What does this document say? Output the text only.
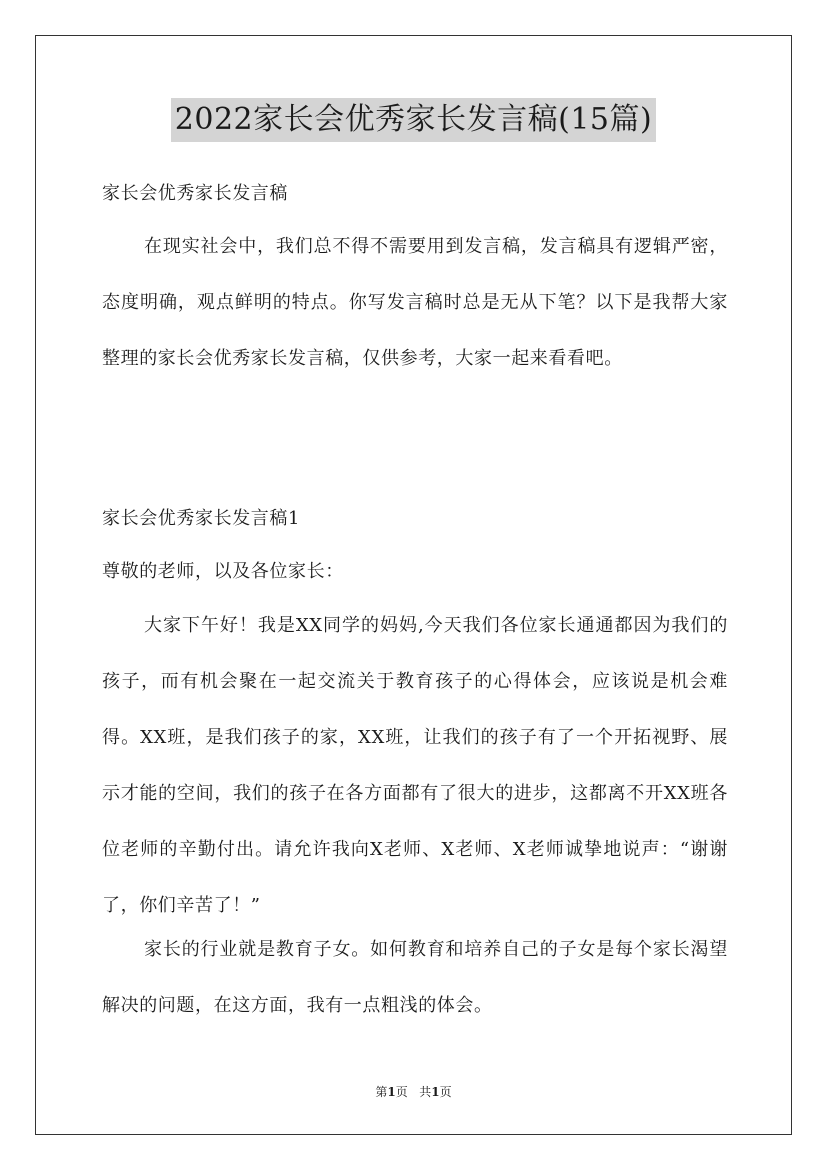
2022家长会优秀家长发言稿(15篇)

家长会优秀家长发言稿

在现实社会中，我们总不得不需要用到发言稿，发言稿具有逻辑严密，态度明确，观点鲜明的特点。你写发言稿时总是无从下笔？以下是我帮大家整理的家长会优秀家长发言稿，仅供参考，大家一起来看看吧。

家长会优秀家长发言稿1

尊敬的老师，以及各位家长：

大家下午好！我是XX同学的妈妈,今天我们各位家长通通都因为我们的孩子，而有机会聚在一起交流关于教育孩子的心得体会，应该说是机会难得。XX班，是我们孩子的家，XX班，让我们的孩子有了一个开拓视野、展示才能的空间，我们的孩子在各方面都有了很大的进步，这都离不开XX班各位老师的辛勤付出。请允许我向X老师、X老师、X老师诚挚地说声：“谢谢了，你们辛苦了！”

家长的行业就是教育子女。如何教育和培养自己的子女是每个家长渴望解决的问题，在这方面，我有一点粗浅的体会。

第1页 共1页
